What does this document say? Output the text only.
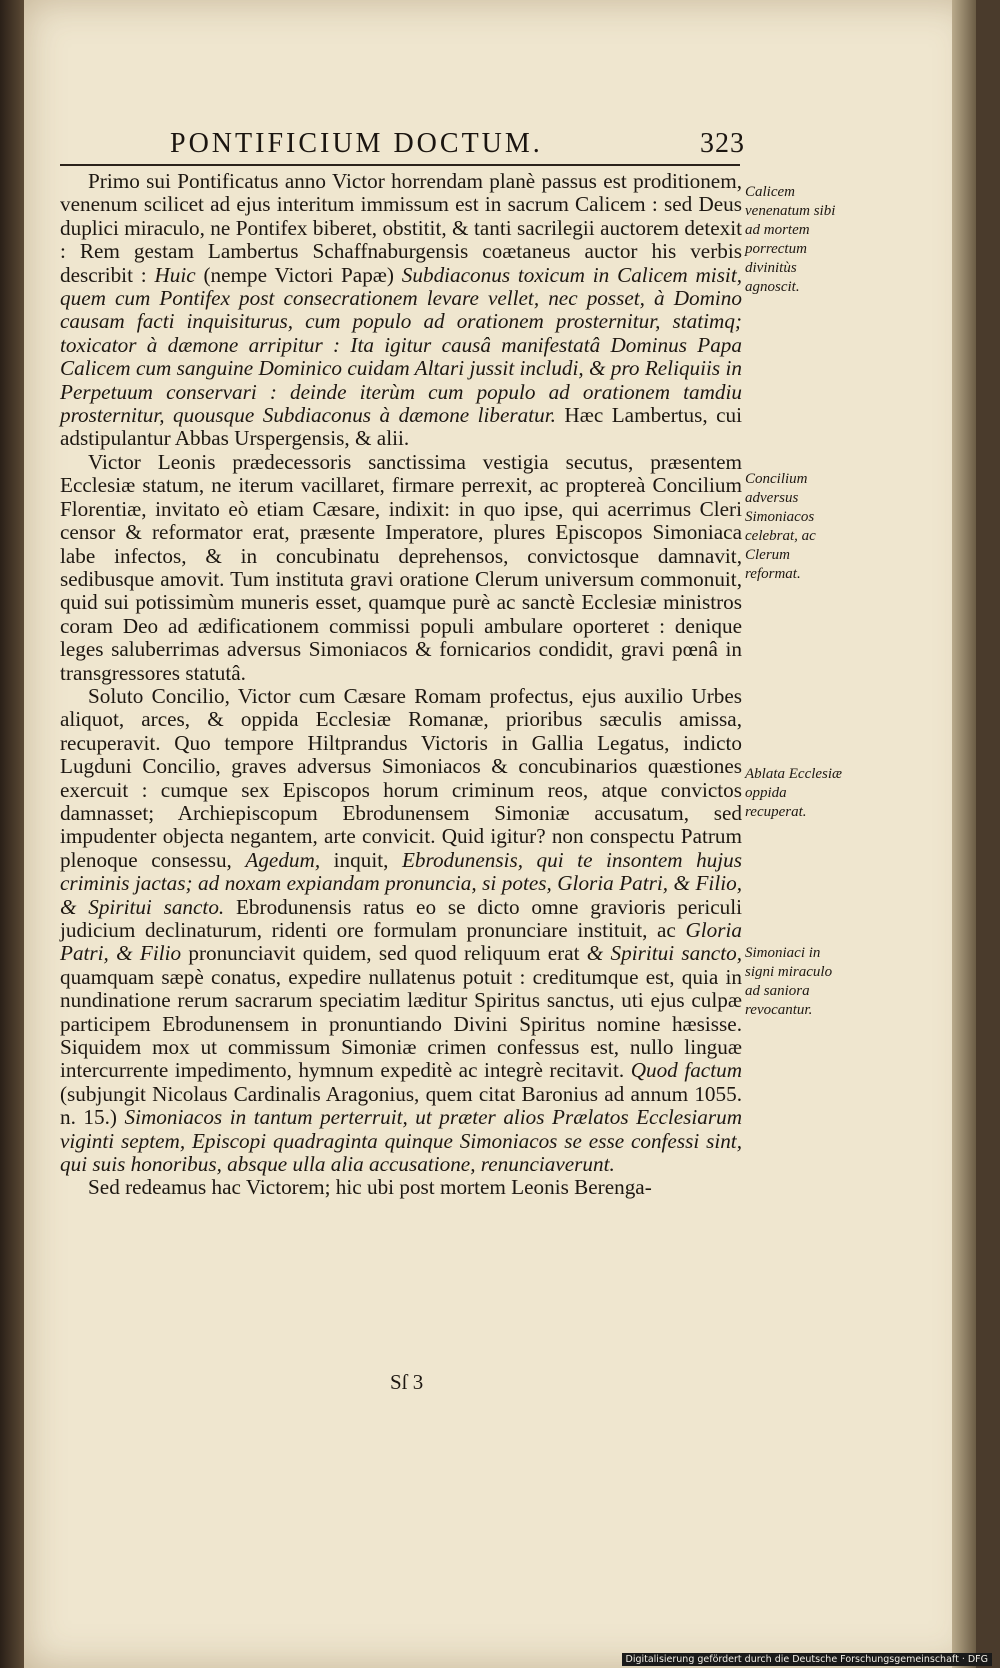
PONTIFICIUM DOCTUM.	323

Primo sui Pontificatus anno Victor horrendam planè passus est proditionem, venenum scilicet ad ejus interitum immissum est in sacrum Calicem : sed Deus duplici miraculo, ne Pontifex biberet, obstitit, & tanti sacrilegii auctorem detexit : Rem gestam Lambertus Schaffnaburgensis coætaneus auctor his verbis describit : Huic (nempe Victori Papæ) Subdiaconus toxicum in Calicem misit, quem cum Pontifex post consecrationem levare vellet, nec posset, à Domino causam facti inquisiturus, cum populo ad orationem prosternitur, statimq; toxicator à dæmone arripitur : Ita igitur causâ manifestatâ Dominus Papa Calicem cum sanguine Dominico cuidam Altari jussit includi, & pro Reliquiis in Perpetuum conservari : deinde iterùm cum populo ad orationem tamdiu prosternitur, quousque Subdiaconus à dæmone liberatur. Hæc Lambertus, cui adstipulantur Abbas Urspergensis, & alii.

Victor Leonis prædecessoris sanctissima vestigia secutus, præsentem Ecclesiæ statum, ne iterum vacillaret, firmare perrexit, ac proptereà Concilium Florentiæ, invitato eò etiam Cæsare, indixit: in quo ipse, qui acerrimus Cleri censor & reformator erat, præsente Imperatore, plures Episcopos Simoniaca labe infectos, & in concubinatu deprehensos, convictosque damnavit, sedibusque amovit. Tum instituta gravi oratione Clerum universum commonuit, quid sui potissimùm muneris esset, quamque purè ac sanctè Ecclesiæ ministros coram Deo ad ædificationem commissi populi ambulare oporteret : denique leges saluberrimas adversus Simoniacos & fornicarios condidit, gravi pœnâ in transgressores statutâ.

Soluto Concilio, Victor cum Cæsare Romam profectus, ejus auxilio Urbes aliquot, arces, & oppida Ecclesiæ Romanæ, prioribus sæculis amissa, recuperavit. Quo tempore Hiltprandus Victoris in Gallia Legatus, indicto Lugduni Concilio, graves adversus Simoniacos & concubinarios quæstiones exercuit : cumque sex Episcopos horum criminum reos, atque convictos damnasset; Archiepiscopum Ebrodunensem Simoniæ accusatum, sed impudenter objecta negantem, arte convicit. Quid igitur? non conspectu Patrum plenoque consessu, Agedum, inquit, Ebrodunensis, qui te insontem hujus criminis jactas; ad noxam expiandam pronuncia, si potes, Gloria Patri, & Filio, & Spiritui sancto. Ebrodunensis ratus eo se dicto omne gravioris periculi judicium declinaturum, ridenti ore formulam pronunciare instituit, ac Gloria Patri, & Filio pronunciavit quidem, sed quod reliquum erat & Spiritui sancto, quamquam sæpè conatus, expedire nullatenus potuit : creditumque est, quia in nundinatione rerum sacrarum speciatim læditur Spiritus sanctus, uti ejus culpæ participem Ebrodunensem in pronuntiando Divini Spiritus nomine hæsisse. Siquidem mox ut commissum Simoniæ crimen confessus est, nullo linguæ intercurrente impedimento, hymnum expeditè ac integrè recitavit. Quod factum (subjungit Nicolaus Cardinalis Aragonius, quem citat Baronius ad annum 1055. n. 15.) Simoniacos in tantum perterruit, ut præter alios Prælatos Ecclesiarum viginti septem, Episcopi quadraginta quinque Simoniacos se esse confessi sint, qui suis honoribus, absque ulla alia accusatione, renunciaverunt.

Sed redeamus hac Victorem; hic ubi post mortem Leonis Berenga-

Calicem venenatum sibi ad mortem porrectum divinitùs agnoscit.
Concilium adversus Simoniacos celebrat, ac Clerum reformat.
Ablata Ecclesiæ oppida recuperat.
Simoniaci in signi miraculo ad saniora revocantur.
Sſ 3
Digitalisierung gefördert durch die Deutsche Forschungsgemeinschaft · DFG
